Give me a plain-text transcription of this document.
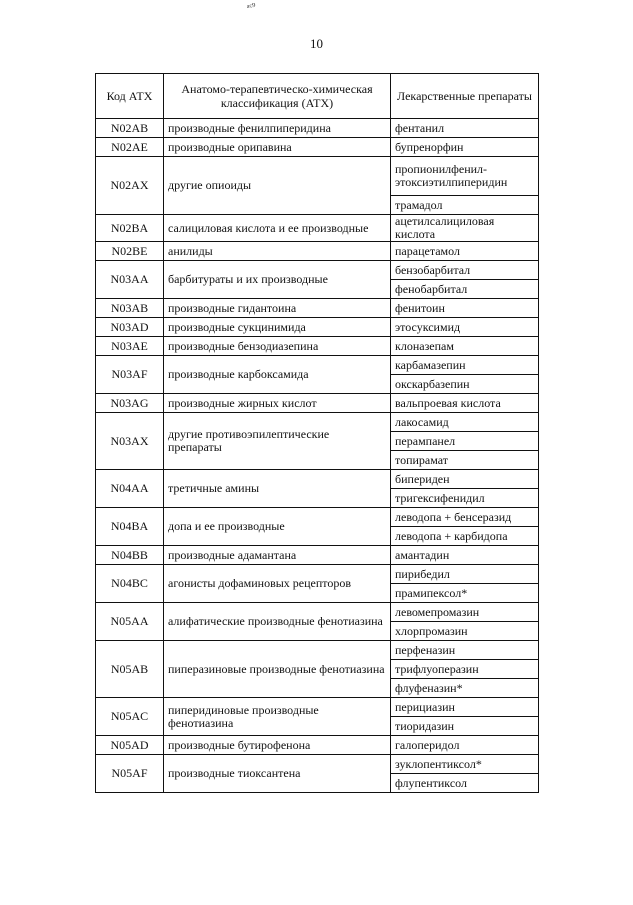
ᵃᶜ⁹
10
Код АТХ	Анатомо-терапевтическо-химическая классификация (АТХ)	Лекарственные препараты
N02AB	производные фенилпиперидина	фентанил
N02AE	производные орипавина	бупренорфин
N02AX	другие опиоиды	пропионилфенил-этоксиэтилпиперидин
		трамадол
N02BA	салициловая кислота и ее производные	ацетилсалициловая кислота
N02BE	анилиды	парацетамол
N03AA	барбитураты и их производные	бензобарбитал
		фенобарбитал
N03AB	производные гидантоина	фенитоин
N03AD	производные сукцинимида	этосуксимид
N03AE	производные бензодиазепина	клоназепам
N03AF	производные карбоксамида	карбамазепин
		окскарбазепин
N03AG	производные жирных кислот	вальпроевая кислота
N03AX	другие противоэпилептические препараты	лакосамид
		перампанел
		топирамат
N04AA	третичные амины	бипериден
		тригексифенидил
N04BA	допа и ее производные	леводопа + бенсеразид
		леводопа + карбидопа
N04BB	производные адамантана	амантадин
N04BC	агонисты дофаминовых рецепторов	пирибедил
		прамипексол*
N05AA	алифатические производные фенотиазина	левомепромазин
		хлорпромазин
N05AB	пиперазиновые производные фенотиазина	перфеназин
		трифлуоперазин
		флуфеназин*
N05AC	пиперидиновые производные фенотиазина	перициазин
		тиоридазин
N05AD	производные бутирофенона	галоперидол
N05AF	производные тиоксантена	зуклопентиксол*
		флупентиксол
